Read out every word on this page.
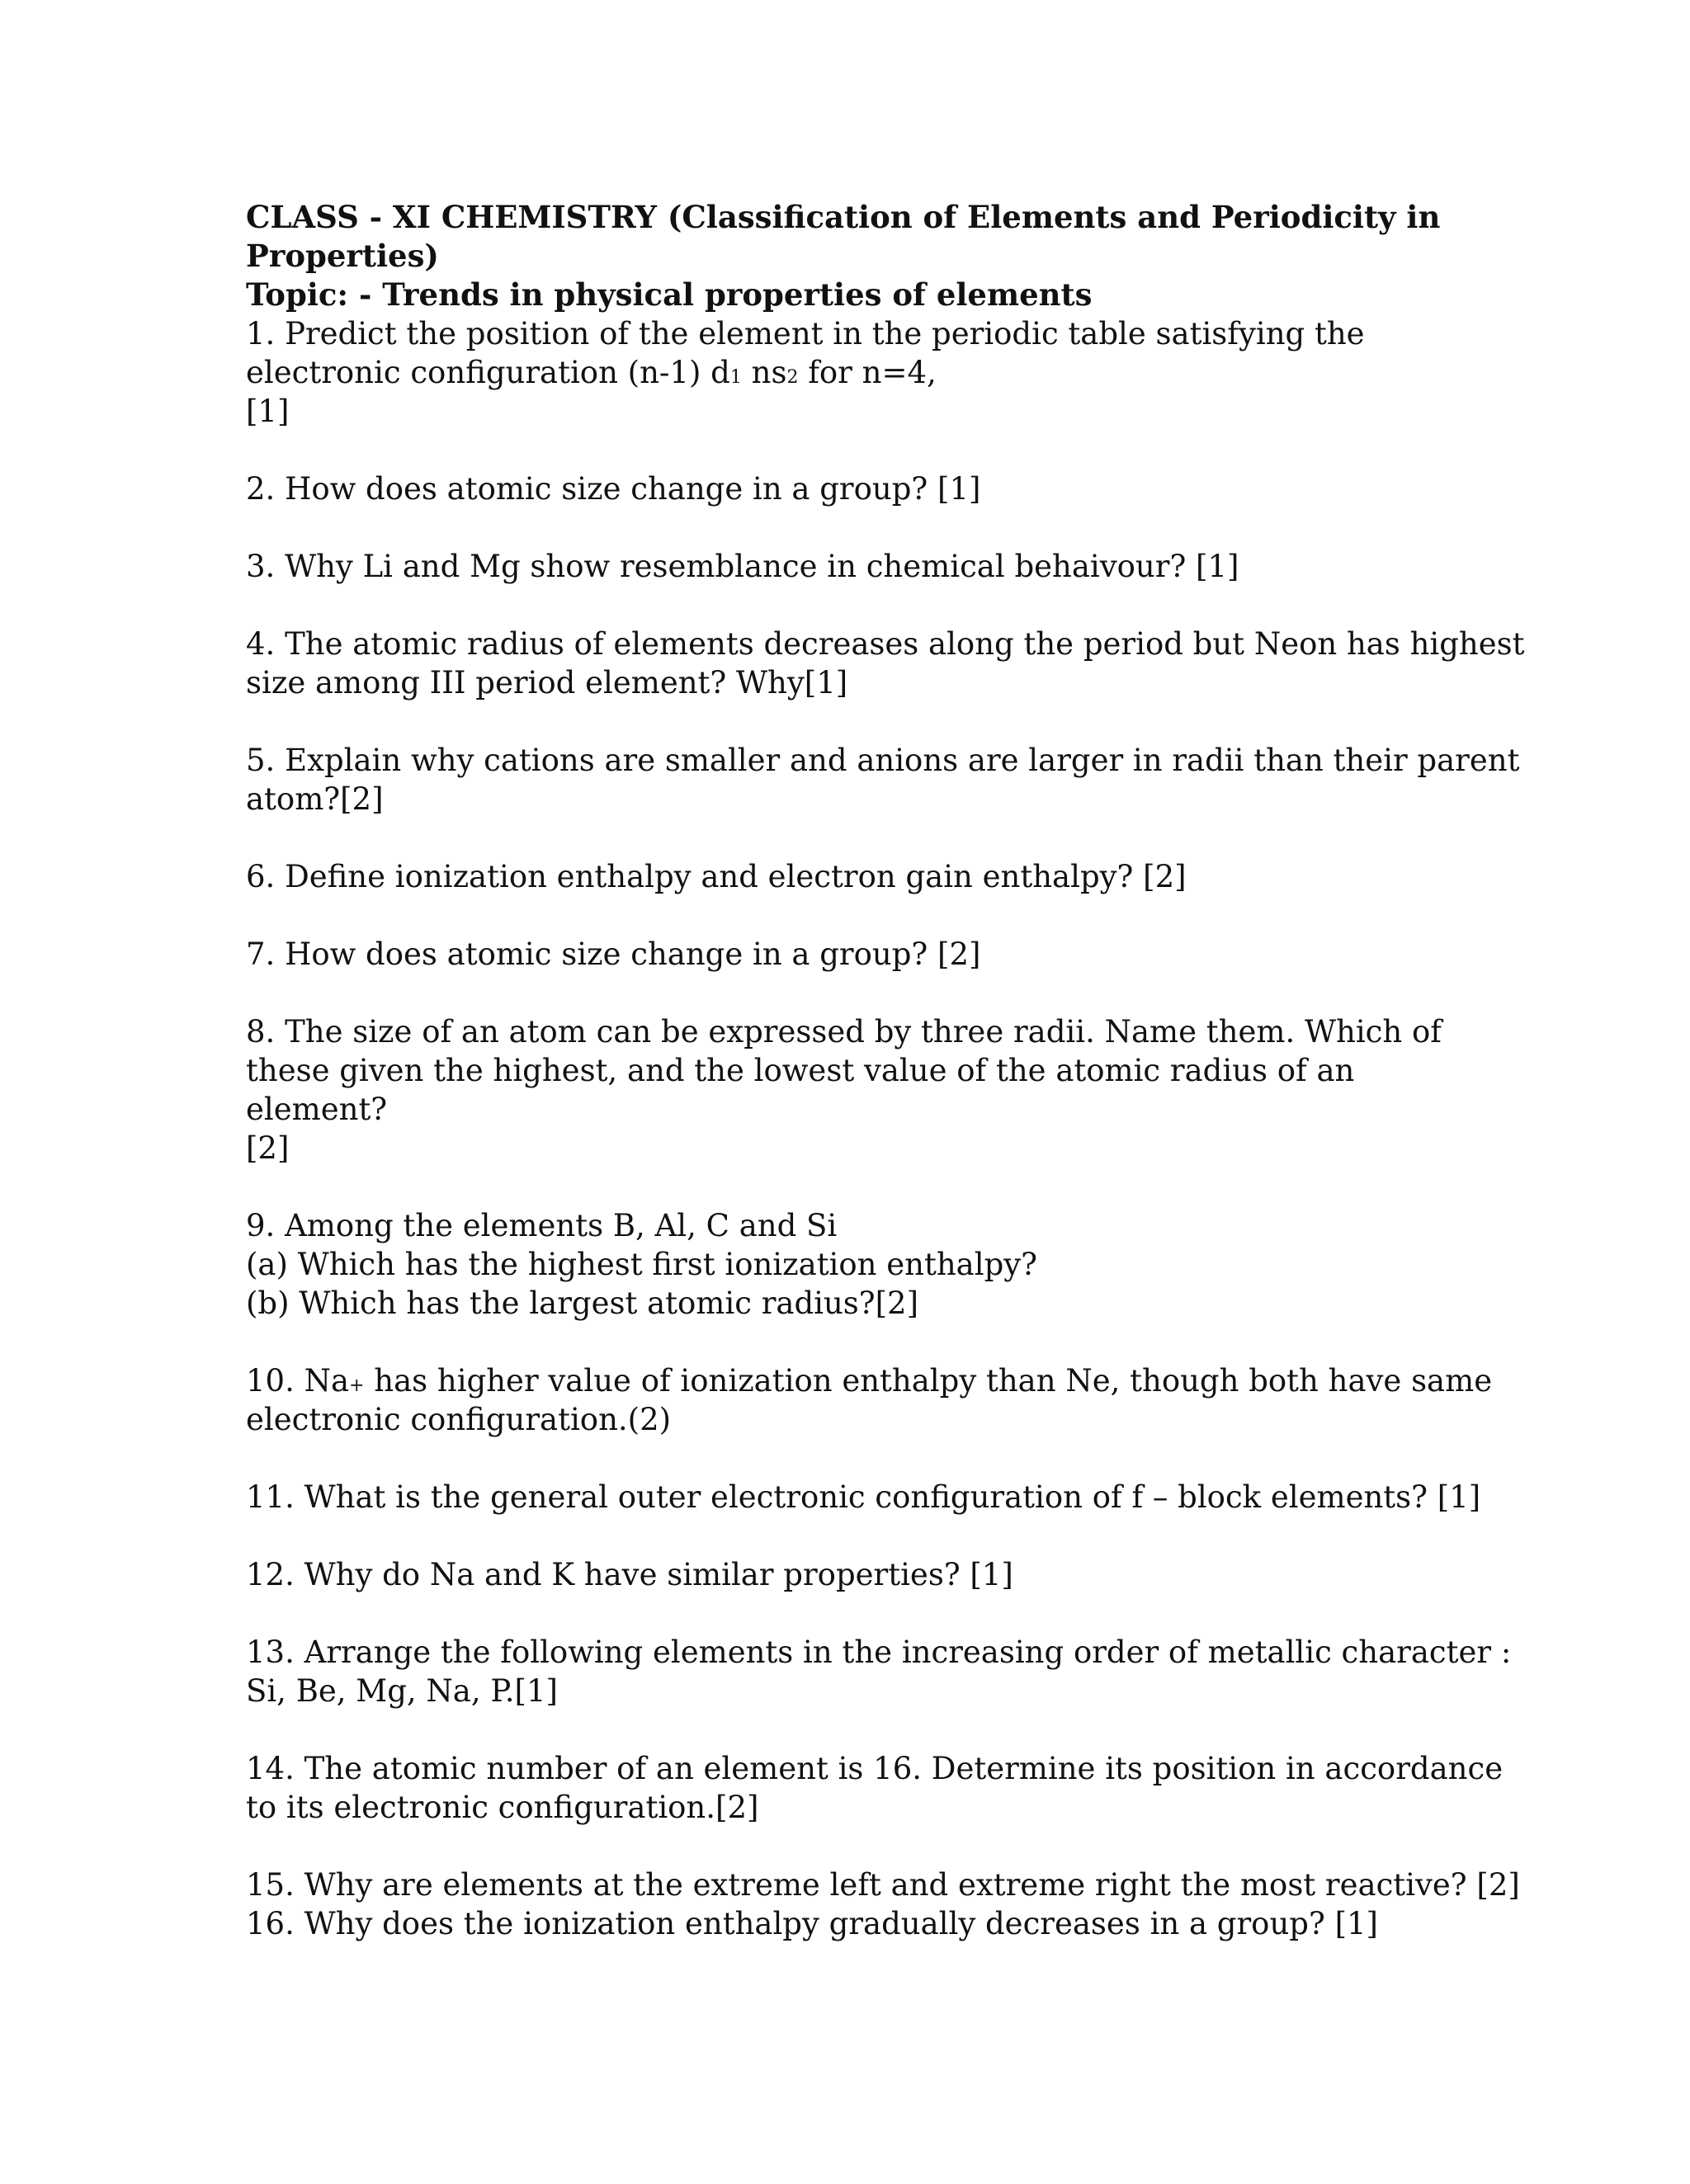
CLASS - XI CHEMISTRY (Classification of Elements and Periodicity in
Properties)

Topic: - Trends in physical properties of elements

1. Predict the position of the element in the periodic table satisfying the
electronic configuration (n-1) d1 ns2 for n=4,
[1]
2. How does atomic size change in a group? [1]
3. Why Li and Mg show resemblance in chemical behaivour? [1]
4. The atomic radius of elements decreases along the period but Neon has highest
size among III period element? Why[1]
5. Explain why cations are smaller and anions are larger in radii than their parent
atom?[2]
6. Define ionization enthalpy and electron gain enthalpy? [2]
7. How does atomic size change in a group? [2]
8. The size of an atom can be expressed by three radii. Name them. Which of
these given the highest, and the lowest value of the atomic radius of an
element?
[2]
9. Among the elements B, Al, C and Si
(a) Which has the highest first ionization enthalpy?
(b) Which has the largest atomic radius?[2]
10. Na+ has higher value of ionization enthalpy than Ne, though both have same
electronic configuration.(2)
11. What is the general outer electronic configuration of f – block elements? [1]
12. Why do Na and K have similar properties? [1]
13. Arrange the following elements in the increasing order of metallic character :
Si, Be, Mg, Na, P.[1]
14. The atomic number of an element is 16. Determine its position in accordance
to its electronic configuration.[2]
15. Why are elements at the extreme left and extreme right the most reactive? [2]
16. Why does the ionization enthalpy gradually decreases in a group? [1]
